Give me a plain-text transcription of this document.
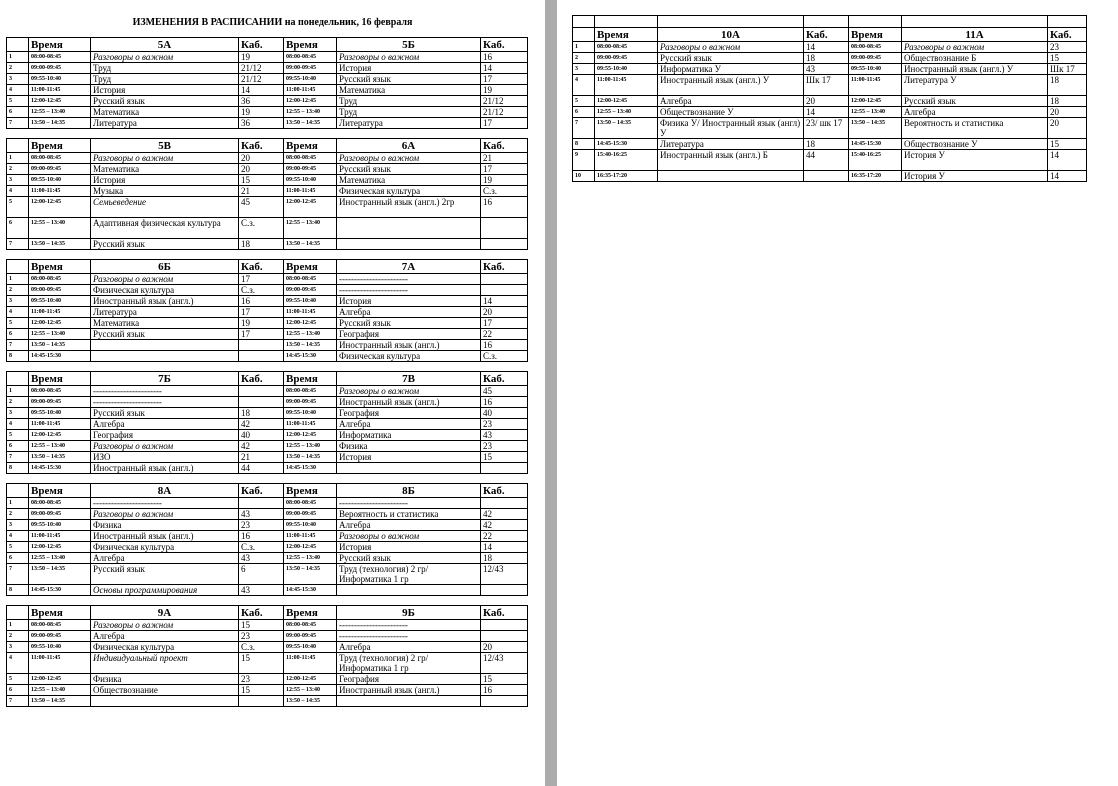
ИЗМЕНЕНИЯ В РАСПИСАНИИ на понедельник, 16 февраля
	Время	5А	Каб.	Время	5Б	Каб.
1	08:00-08:45	Разговоры о важном	19	08:00-08:45	Разговоры о важном	16
2	09:00-09:45	Труд	21/12	09:00-09:45	История	14
3	09:55-10:40	Труд	21/12	09:55-10:40	Русский язык	17
4	11:00-11:45	История	14	11:00-11:45	Математика	19
5	12:00-12:45	Русский язык	36	12:00-12:45	Труд	21/12
6	12:55 – 13:40	Математика	19	12:55 – 13:40	Труд	21/12
7	13:50 – 14:35	Литература	36	13:50 – 14:35	Литература	17

	Время	5В	Каб.	Время	6А	Каб.
1	08:00-08:45	Разговоры о важном	20	08:00-08:45	Разговоры о важном	21
2	09:00-09:45	Математика	20	09:00-09:45	Русский язык	17
3	09:55-10:40	История	15	09:55-10:40	Математика	19
4	11:00-11:45	Музыка	21	11:00-11:45	Физическая культура	С.з.
5	12:00-12:45	Семьеведение	45	12:00-12:45	Иностранный язык (англ.) 2гр	16
6	12:55 – 13:40	Адаптивная физическая культура	С.з.	12:55 – 13:40		
7	13:50 – 14:35	Русский язык	18	13:50 – 14:35		

	Время	6Б	Каб.	Время	7А	Каб.
1	08:00-08:45	Разговоры о важном	17	08:00-08:45	-----------------------	
2	09:00-09:45	Физическая культура	С.з.	09:00-09:45	-----------------------	
3	09:55-10:40	Иностранный язык (англ.)	16	09:55-10:40	История	14
4	11:00-11:45	Литература	17	11:00-11:45	Алгебра	20
5	12:00-12:45	Математика	19	12:00-12:45	Русский язык	17
6	12:55 – 13:40	Русский язык	17	12:55 – 13:40	География	22
7	13:50 – 14:35			13:50 – 14:35	Иностранный язык (англ.)	16
8	14:45-15:30			14:45-15:30	Физическая культура	С.з.

	Время	7Б	Каб.	Время	7В	Каб.
1	08:00-08:45	-----------------------		08:00-08:45	Разговоры о важном	45
2	09:00-09:45	-----------------------		09:00-09:45	Иностранный язык (англ.)	16
3	09:55-10:40	Русский язык	18	09:55-10:40	География	40
4	11:00-11:45	Алгебра	42	11:00-11:45	Алгебра	23
5	12:00-12:45	География	40	12:00-12:45	Информатика	43
6	12:55 – 13:40	Разговоры о важном	42	12:55 – 13:40	Физика	23
7	13:50 – 14:35	ИЗО	21	13:50 – 14:35	История	15
8	14:45-15:30	Иностранный язык (англ.)	44	14:45-15:30		

	Время	8А	Каб.	Время	8Б	Каб.
1	08:00-08:45	-----------------------		08:00-08:45	-----------------------	
2	09:00-09:45	Разговоры о важном	43	09:00-09:45	Вероятность и статистика	42
3	09:55-10:40	Физика	23	09:55-10:40	Алгебра	42
4	11:00-11:45	Иностранный язык (англ.)	16	11:00-11:45	Разговоры о важном	22
5	12:00-12:45	Физическая культура	С.з.	12:00-12:45	История	14
6	12:55 – 13:40	Алгебра	43	12:55 – 13:40	Русский язык	18
7	13:50 – 14:35	Русский язык	6	13:50 – 14:35	Труд (технология) 2 гр/ Информатика 1 гр	12/43
8	14:45-15:30	Основы программирования	43	14:45-15:30		

	Время	9А	Каб.	Время	9Б	Каб.
1	08:00-08:45	Разговоры о важном	15	08:00-08:45	-----------------------	
2	09:00-09:45	Алгебра	23	09:00-09:45	-----------------------	
3	09:55-10:40	Физическая культура	С.з.	09:55-10:40	Алгебра	20
4	11:00-11:45	Индивидуальный проект	15	11:00-11:45	Труд (технология) 2 гр/ Информатика 1 гр	12/43
5	12:00-12:45	Физика	23	12:00-12:45	География	15
6	12:55 – 13:40	Обществознание	15	12:55 – 13:40	Иностранный язык (англ.)	16
7	13:50 – 14:35			13:50 – 14:35		

	Время	10А	Каб.	Время	11А	Каб.
1	08:00-08:45	Разговоры о важном	14	08:00-08:45	Разговоры о важном	23
2	09:00-09:45	Русский язык	18	09:00-09:45	Обществознание Б	15
3	09:55-10:40	Информатика У	43	09:55-10:40	Иностранный язык (англ.) У	Шк 17
4	11:00-11:45	Иностранный язык (англ.) У	Шк 17	11:00-11:45	Литература У	18
5	12:00-12:45	Алгебра	20	12:00-12:45	Русский язык	18
6	12:55 – 13:40	Обществознание У	14	12:55 – 13:40	Алгебра	20
7	13:50 – 14:35	Физика У/ Иностранный язык (англ) У	23/ шк 17	13:50 – 14:35	Вероятность и статистика	20
8	14:45-15:30	Литература	18	14:45-15:30	Обществознание У	15
9	15:40-16:25	Иностранный язык (англ.) Б	44	15:40-16:25	История У	14
10	16:35-17:20			16:35-17:20	История У	14
